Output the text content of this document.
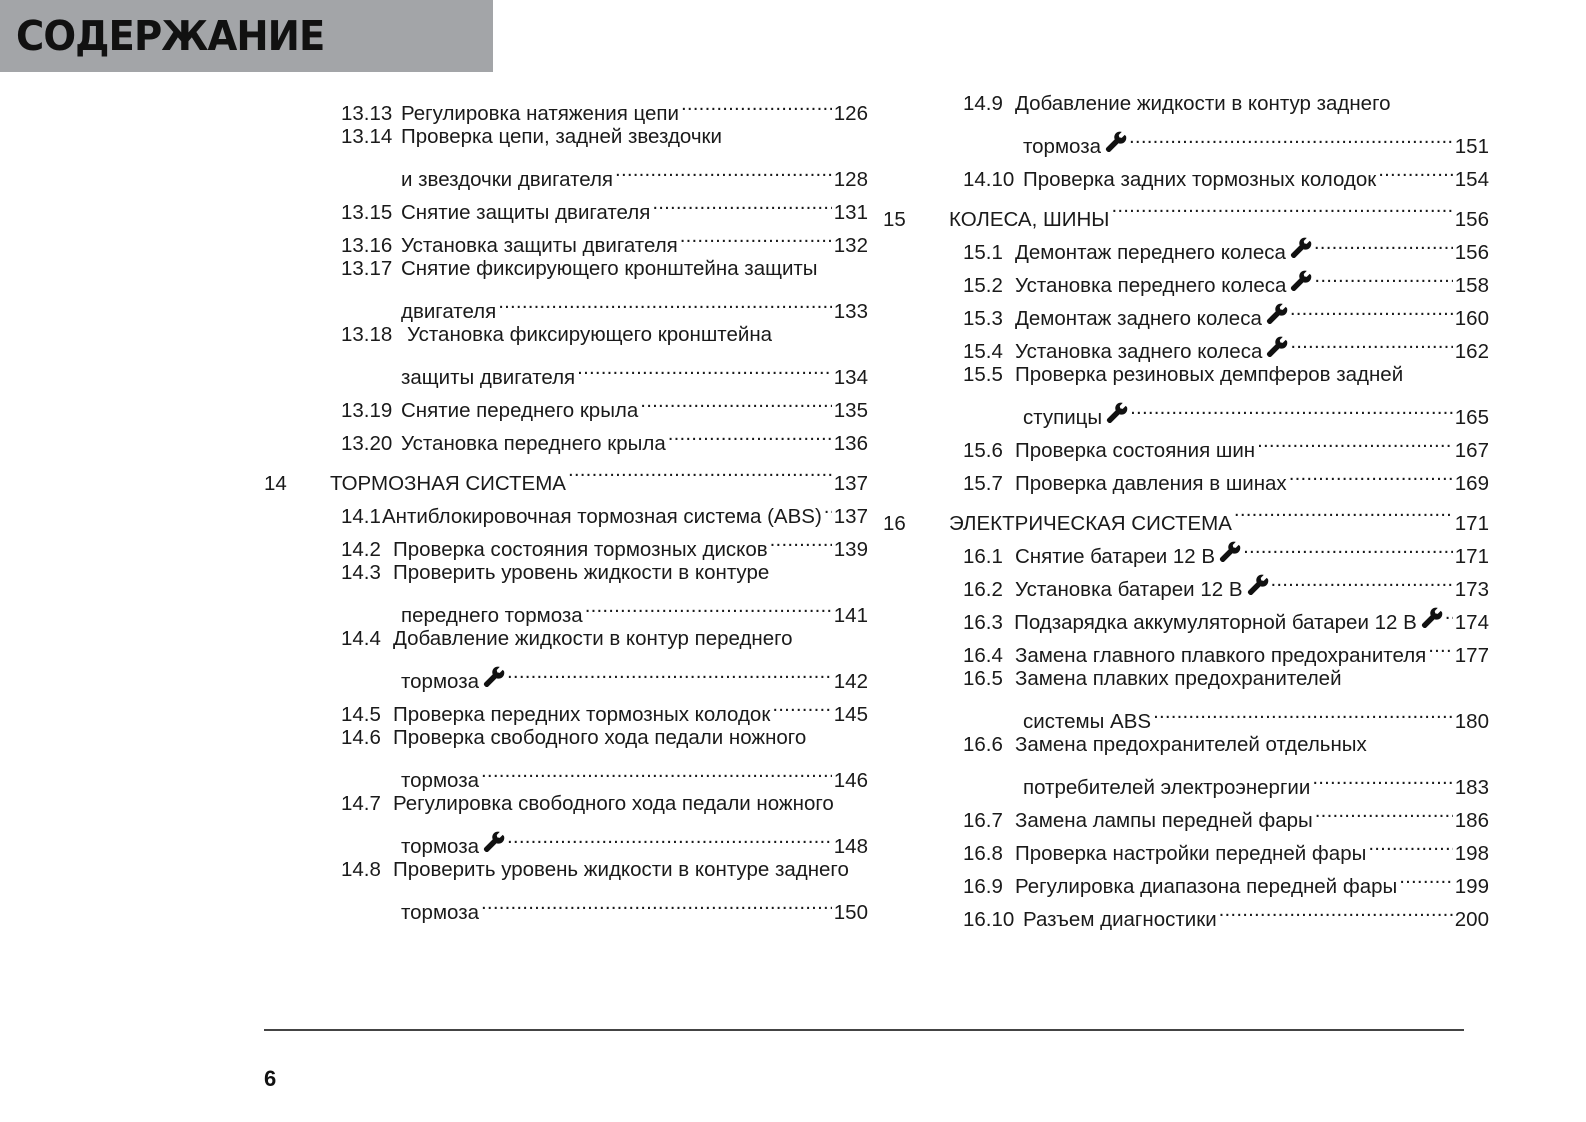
СОДЕРЖАНИЕ
13.13 Регулировка натяжения цепи .....	126
13.14 Проверка цепи, задней звездочки
и звездочки двигателя .....	128
13.15 Снятие защиты двигателя .....	131
13.16 Установка защиты двигателя .....	132
13.17 Снятие фиксирующего кронштейна защиты
двигателя .....	133
13.18 Установка фиксирующего кронштейна
защиты двигателя .....	134
13.19 Снятие переднего крыла .....	135
13.20 Установка переднего крыла .....	136
14	ТОРМОЗНАЯ СИСТЕМА .....	137
14.1 Антиблокировочная тормозная система (ABS) ..... 137
14.2 Проверка состояния тормозных дисков .....	139
14.3 Проверить уровень жидкости в контуре
переднего тормоза .....	141
14.4 Добавление жидкости в контур переднего
тормоза .....	142
14.5 Проверка передних тормозных колодок .....	145
14.6 Проверка свободного хода педали ножного
тормоза .....	146
14.7 Регулировка свободного хода педали ножного
тормоза .....	148
14.8 Проверить уровень жидкости в контуре заднего
тормоза .....	150
14.9 Добавление жидкости в контур заднего
тормоза .....	151
14.10 Проверка задних тормозных колодок .....	154
15	КОЛЕСА, ШИНЫ .....	156
15.1 Демонтаж переднего колеса .....	156
15.2 Установка переднего колеса .....	158
15.3 Демонтаж заднего колеса .....	160
15.4 Установка заднего колеса .....	162
15.5 Проверка резиновых демпферов задней
ступицы .....	165
15.6 Проверка состояния шин .....	167
15.7 Проверка давления в шинах .....	169
16	ЭЛЕКТРИЧЕСКАЯ СИСТЕМА .....	171
16.1 Снятие батареи 12 В .....	171
16.2 Установка батареи 12 В .....	173
16.3 Подзарядка аккумуляторной батареи 12 В ..... 174
16.4 Замена главного плавкого предохранителя ..... 177
16.5 Замена плавких предохранителей
системы ABS .....	180
16.6 Замена предохранителей отдельных
потребителей электроэнергии .....	183
16.7 Замена лампы передней фары .....	186
16.8 Проверка настройки передней фары .....	198
16.9 Регулировка диапазона передней фары .....	199
16.10 Разъем диагностики .....	200
6
